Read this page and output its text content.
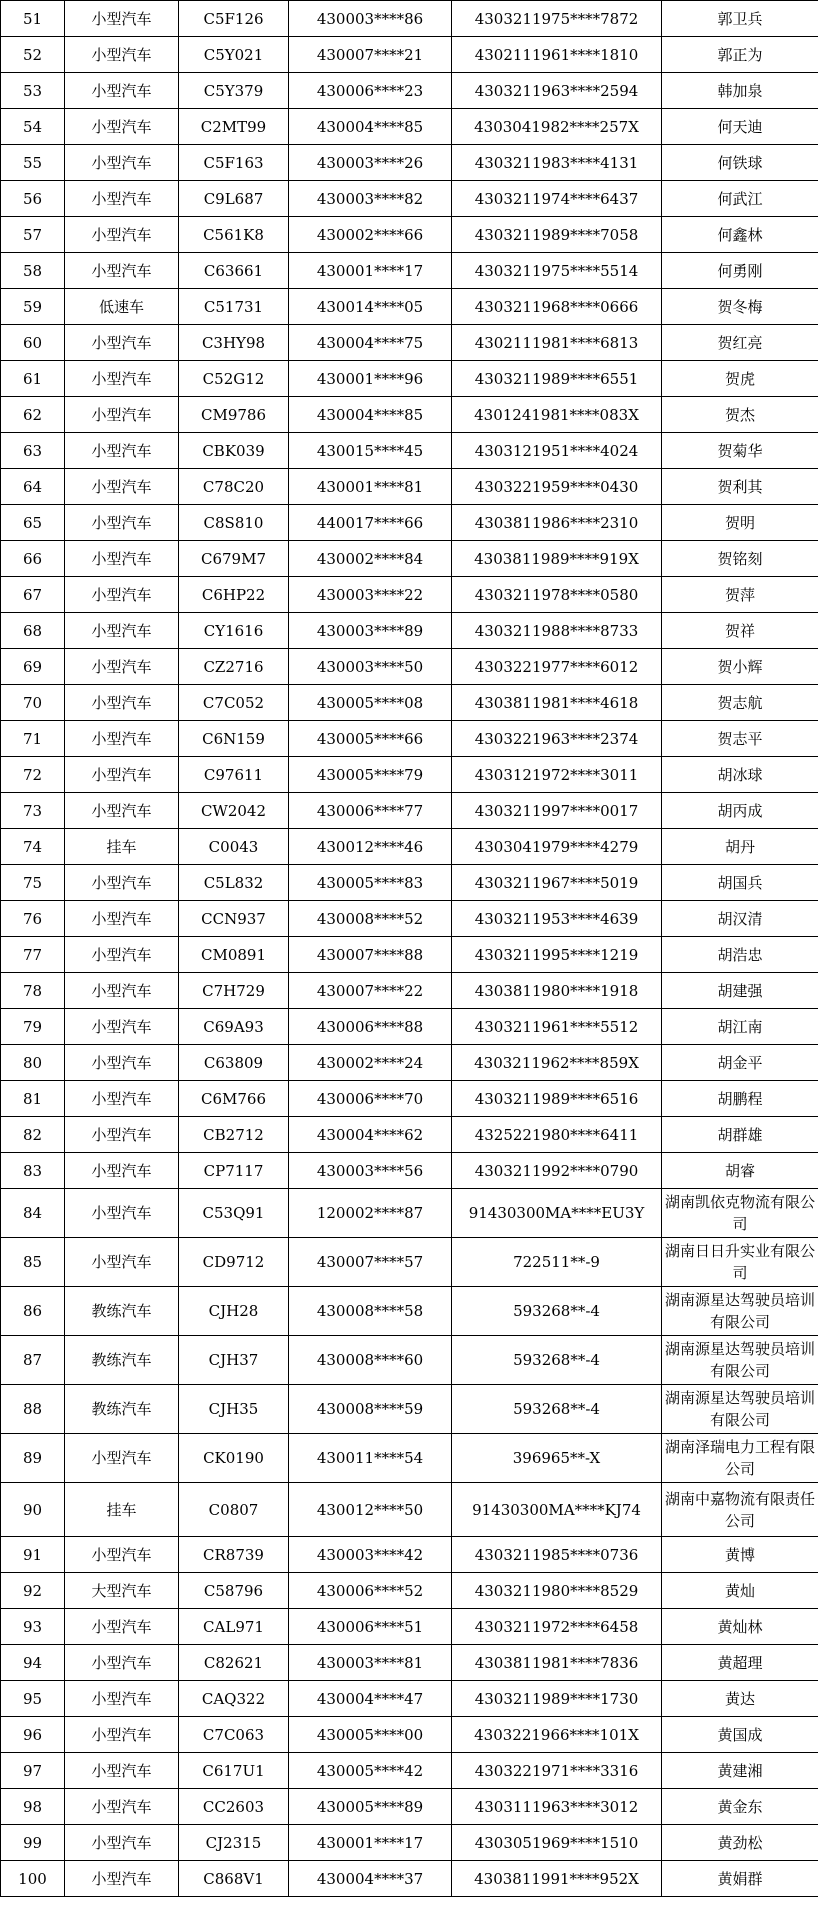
51	小型汽车	C5F126	430003****86	4303211975****7872	郭卫兵
52	小型汽车	C5Y021	430007****21	4302111961****1810	郭正为
53	小型汽车	C5Y379	430006****23	4303211963****2594	韩加泉
54	小型汽车	C2MT99	430004****85	4303041982****257X	何天迪
55	小型汽车	C5F163	430003****26	4303211983****4131	何铁球
56	小型汽车	C9L687	430003****82	4303211974****6437	何武江
57	小型汽车	C561K8	430002****66	4303211989****7058	何鑫林
58	小型汽车	C63661	430001****17	4303211975****5514	何勇刚
59	低速车	C51731	430014****05	4303211968****0666	贺冬梅
60	小型汽车	C3HY98	430004****75	4302111981****6813	贺红亮
61	小型汽车	C52G12	430001****96	4303211989****6551	贺虎
62	小型汽车	CM9786	430004****85	4301241981****083X	贺杰
63	小型汽车	CBK039	430015****45	4303121951****4024	贺菊华
64	小型汽车	C78C20	430001****81	4303221959****0430	贺利其
65	小型汽车	C8S810	440017****66	4303811986****2310	贺明
66	小型汽车	C679M7	430002****84	4303811989****919X	贺铭刻
67	小型汽车	C6HP22	430003****22	4303211978****0580	贺萍
68	小型汽车	CY1616	430003****89	4303211988****8733	贺祥
69	小型汽车	CZ2716	430003****50	4303221977****6012	贺小辉
70	小型汽车	C7C052	430005****08	4303811981****4618	贺志航
71	小型汽车	C6N159	430005****66	4303221963****2374	贺志平
72	小型汽车	C97611	430005****79	4303121972****3011	胡冰球
73	小型汽车	CW2042	430006****77	4303211997****0017	胡丙成
74	挂车	C0043	430012****46	4303041979****4279	胡丹
75	小型汽车	C5L832	430005****83	4303211967****5019	胡国兵
76	小型汽车	CCN937	430008****52	4303211953****4639	胡汉清
77	小型汽车	CM0891	430007****88	4303211995****1219	胡浩忠
78	小型汽车	C7H729	430007****22	4303811980****1918	胡建强
79	小型汽车	C69A93	430006****88	4303211961****5512	胡江南
80	小型汽车	C63809	430002****24	4303211962****859X	胡金平
81	小型汽车	C6M766	430006****70	4303211989****6516	胡鹏程
82	小型汽车	CB2712	430004****62	4325221980****6411	胡群雄
83	小型汽车	CP7117	430003****56	4303211992****0790	胡睿
84	小型汽车	C53Q91	120002****87	91430300MA****EU3Y	湖南凯依克物流有限公司
85	小型汽车	CD9712	430007****57	722511**-9	湖南日日升实业有限公司
86	教练汽车	CJH28	430008****58	593268**-4	湖南源星达驾驶员培训有限公司
87	教练汽车	CJH37	430008****60	593268**-4	湖南源星达驾驶员培训有限公司
88	教练汽车	CJH35	430008****59	593268**-4	湖南源星达驾驶员培训有限公司
89	小型汽车	CK0190	430011****54	396965**-X	湖南泽瑞电力工程有限公司
90	挂车	C0807	430012****50	91430300MA****KJ74	湖南中嘉物流有限责任公司
91	小型汽车	CR8739	430003****42	4303211985****0736	黄博
92	大型汽车	C58796	430006****52	4303211980****8529	黄灿
93	小型汽车	CAL971	430006****51	4303211972****6458	黄灿林
94	小型汽车	C82621	430003****81	4303811981****7836	黄超理
95	小型汽车	CAQ322	430004****47	4303211989****1730	黄达
96	小型汽车	C7C063	430005****00	4303221966****101X	黄国成
97	小型汽车	C617U1	430005****42	4303221971****3316	黄建湘
98	小型汽车	CC2603	430005****89	4303111963****3012	黄金东
99	小型汽车	CJ2315	430001****17	4303051969****1510	黄劲松
100	小型汽车	C868V1	430004****37	4303811991****952X	黄娟群
